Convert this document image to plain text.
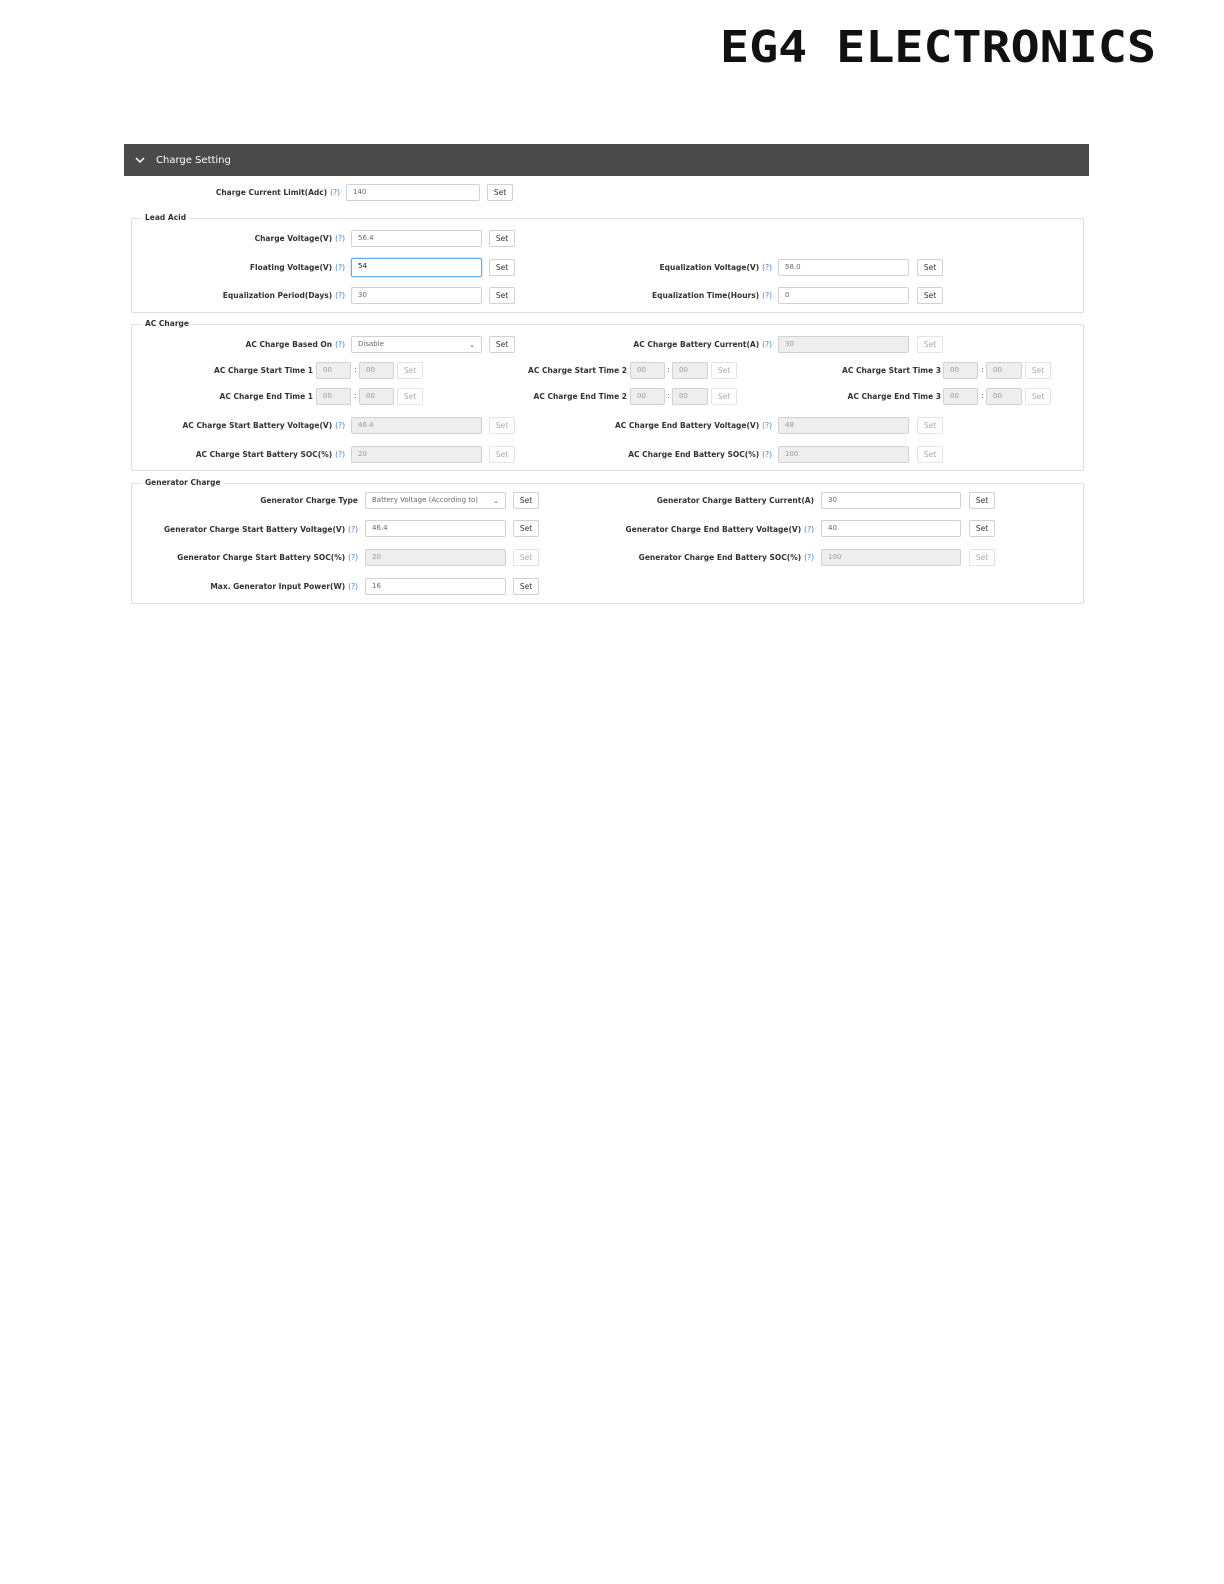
EG4 ELECTRONICS
Charge Setting
Charge Current Limit(Adc) (?)	140	Set
Lead Acid
Charge Voltage(V) (?)	56.4	Set
Floating Voltage(V) (?)	54	Set	Equalization Voltage(V) (?)	58.0	Set
Equalization Period(Days) (?)	30	Set	Equalization Time(Hours) (?)	0	Set
AC Charge
AC Charge Based On (?)	Disable	⌄	Set	AC Charge Battery Current(A) (?)	30	Set
AC Charge Start Time 1	00	:	00	Set	AC Charge Start Time 2	00	:	00	Set	AC Charge Start Time 3	00	:	00	Set
AC Charge End Time 1	00	:	00	Set	AC Charge End Time 2	00	:	00	Set	AC Charge End Time 3	00	:	00	Set
AC Charge Start Battery Voltage(V) (?)	46.4	Set	AC Charge End Battery Voltage(V) (?)	48	Set
AC Charge Start Battery SOC(%) (?)	20	Set	AC Charge End Battery SOC(%) (?)	100	Set
Generator Charge
Generator Charge Type	Battery Voltage (According to) ⌄	Set	Generator Charge Battery Current(A)	30	Set
Generator Charge Start Battery Voltage(V) (?)	46.4	Set	Generator Charge End Battery Voltage(V) (?)	40	Set
Generator Charge Start Battery SOC(%) (?)	20	Set	Generator Charge End Battery SOC(%) (?)	100	Set
Max. Generator Input Power(W) (?)	16	Set
